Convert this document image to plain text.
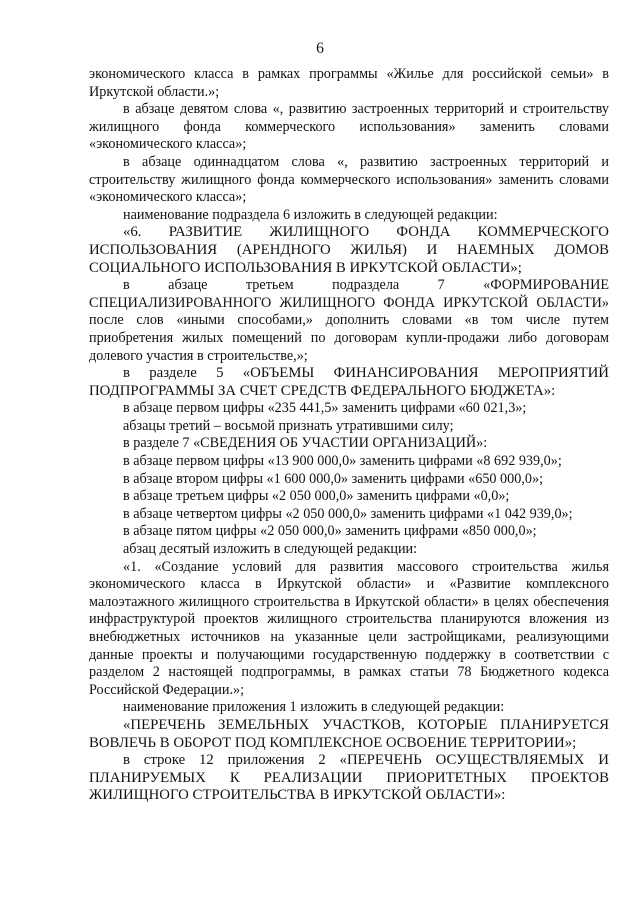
6

экономического класса в рамках программы «Жилье для российской семьи» в Иркутской области.»;

в абзаце девятом слова «, развитию застроенных территорий и строительству жилищного фонда коммерческого использования» заменить словами «экономического класса»;

в абзаце одиннадцатом слова «, развитию застроенных территорий и строительству жилищного фонда коммерческого использования» заменить словами «экономического класса»;

наименование подраздела 6 изложить в следующей редакции:

«6. РАЗВИТИЕ ЖИЛИЩНОГО ФОНДА КОММЕРЧЕСКОГО ИСПОЛЬЗОВАНИЯ (АРЕНДНОГО ЖИЛЬЯ) И НАЕМНЫХ ДОМОВ СОЦИАЛЬНОГО ИСПОЛЬЗОВАНИЯ В ИРКУТСКОЙ ОБЛАСТИ»;

в абзаце третьем подраздела 7 «ФОРМИРОВАНИЕ СПЕЦИАЛИЗИРОВАННОГО ЖИЛИЩНОГО ФОНДА ИРКУТСКОЙ ОБЛАСТИ» после слов «иными способами,» дополнить словами «в том числе путем приобретения жилых помещений по договорам купли-продажи либо договорам долевого участия в строительстве,»;

в разделе 5 «ОБЪЕМЫ ФИНАНСИРОВАНИЯ МЕРОПРИЯТИЙ ПОДПРОГРАММЫ ЗА СЧЕТ СРЕДСТВ ФЕДЕРАЛЬНОГО БЮДЖЕТА»:

в абзаце первом цифры «235 441,5» заменить цифрами «60 021,3»;

абзацы третий – восьмой признать утратившими силу;

в разделе 7 «СВЕДЕНИЯ ОБ УЧАСТИИ ОРГАНИЗАЦИЙ»:

в абзаце первом цифры «13 900 000,0» заменить цифрами «8 692 939,0»;

в абзаце втором цифры «1 600 000,0» заменить цифрами «650 000,0»;

в абзаце третьем цифры «2 050 000,0» заменить цифрами «0,0»;

в абзаце четвертом цифры «2 050 000,0» заменить цифрами «1 042 939,0»;

в абзаце пятом цифры «2 050 000,0» заменить цифрами «850 000,0»;

абзац десятый изложить в следующей редакции:

«1. «Создание условий для развития массового строительства жилья экономического класса в Иркутской области» и «Развитие комплексного малоэтажного жилищного строительства в Иркутской области» в целях обеспечения инфраструктурой проектов жилищного строительства планируются вложения из внебюджетных источников на указанные цели застройщиками, реализующими данные проекты и получающими государственную поддержку в соответствии с разделом 2 настоящей подпрограммы, в рамках статьи 78 Бюджетного кодекса Российской Федерации.»;

наименование приложения 1 изложить в следующей редакции:

«ПЕРЕЧЕНЬ ЗЕМЕЛЬНЫХ УЧАСТКОВ, КОТОРЫЕ ПЛАНИРУЕТСЯ ВОВЛЕЧЬ В ОБОРОТ ПОД КОМПЛЕКСНОЕ ОСВОЕНИЕ ТЕРРИТОРИИ»;

в строке 12 приложения 2 «ПЕРЕЧЕНЬ ОСУЩЕСТВЛЯЕМЫХ И ПЛАНИРУЕМЫХ К РЕАЛИЗАЦИИ ПРИОРИТЕТНЫХ ПРОЕКТОВ ЖИЛИЩНОГО СТРОИТЕЛЬСТВА В ИРКУТСКОЙ ОБЛАСТИ»:
